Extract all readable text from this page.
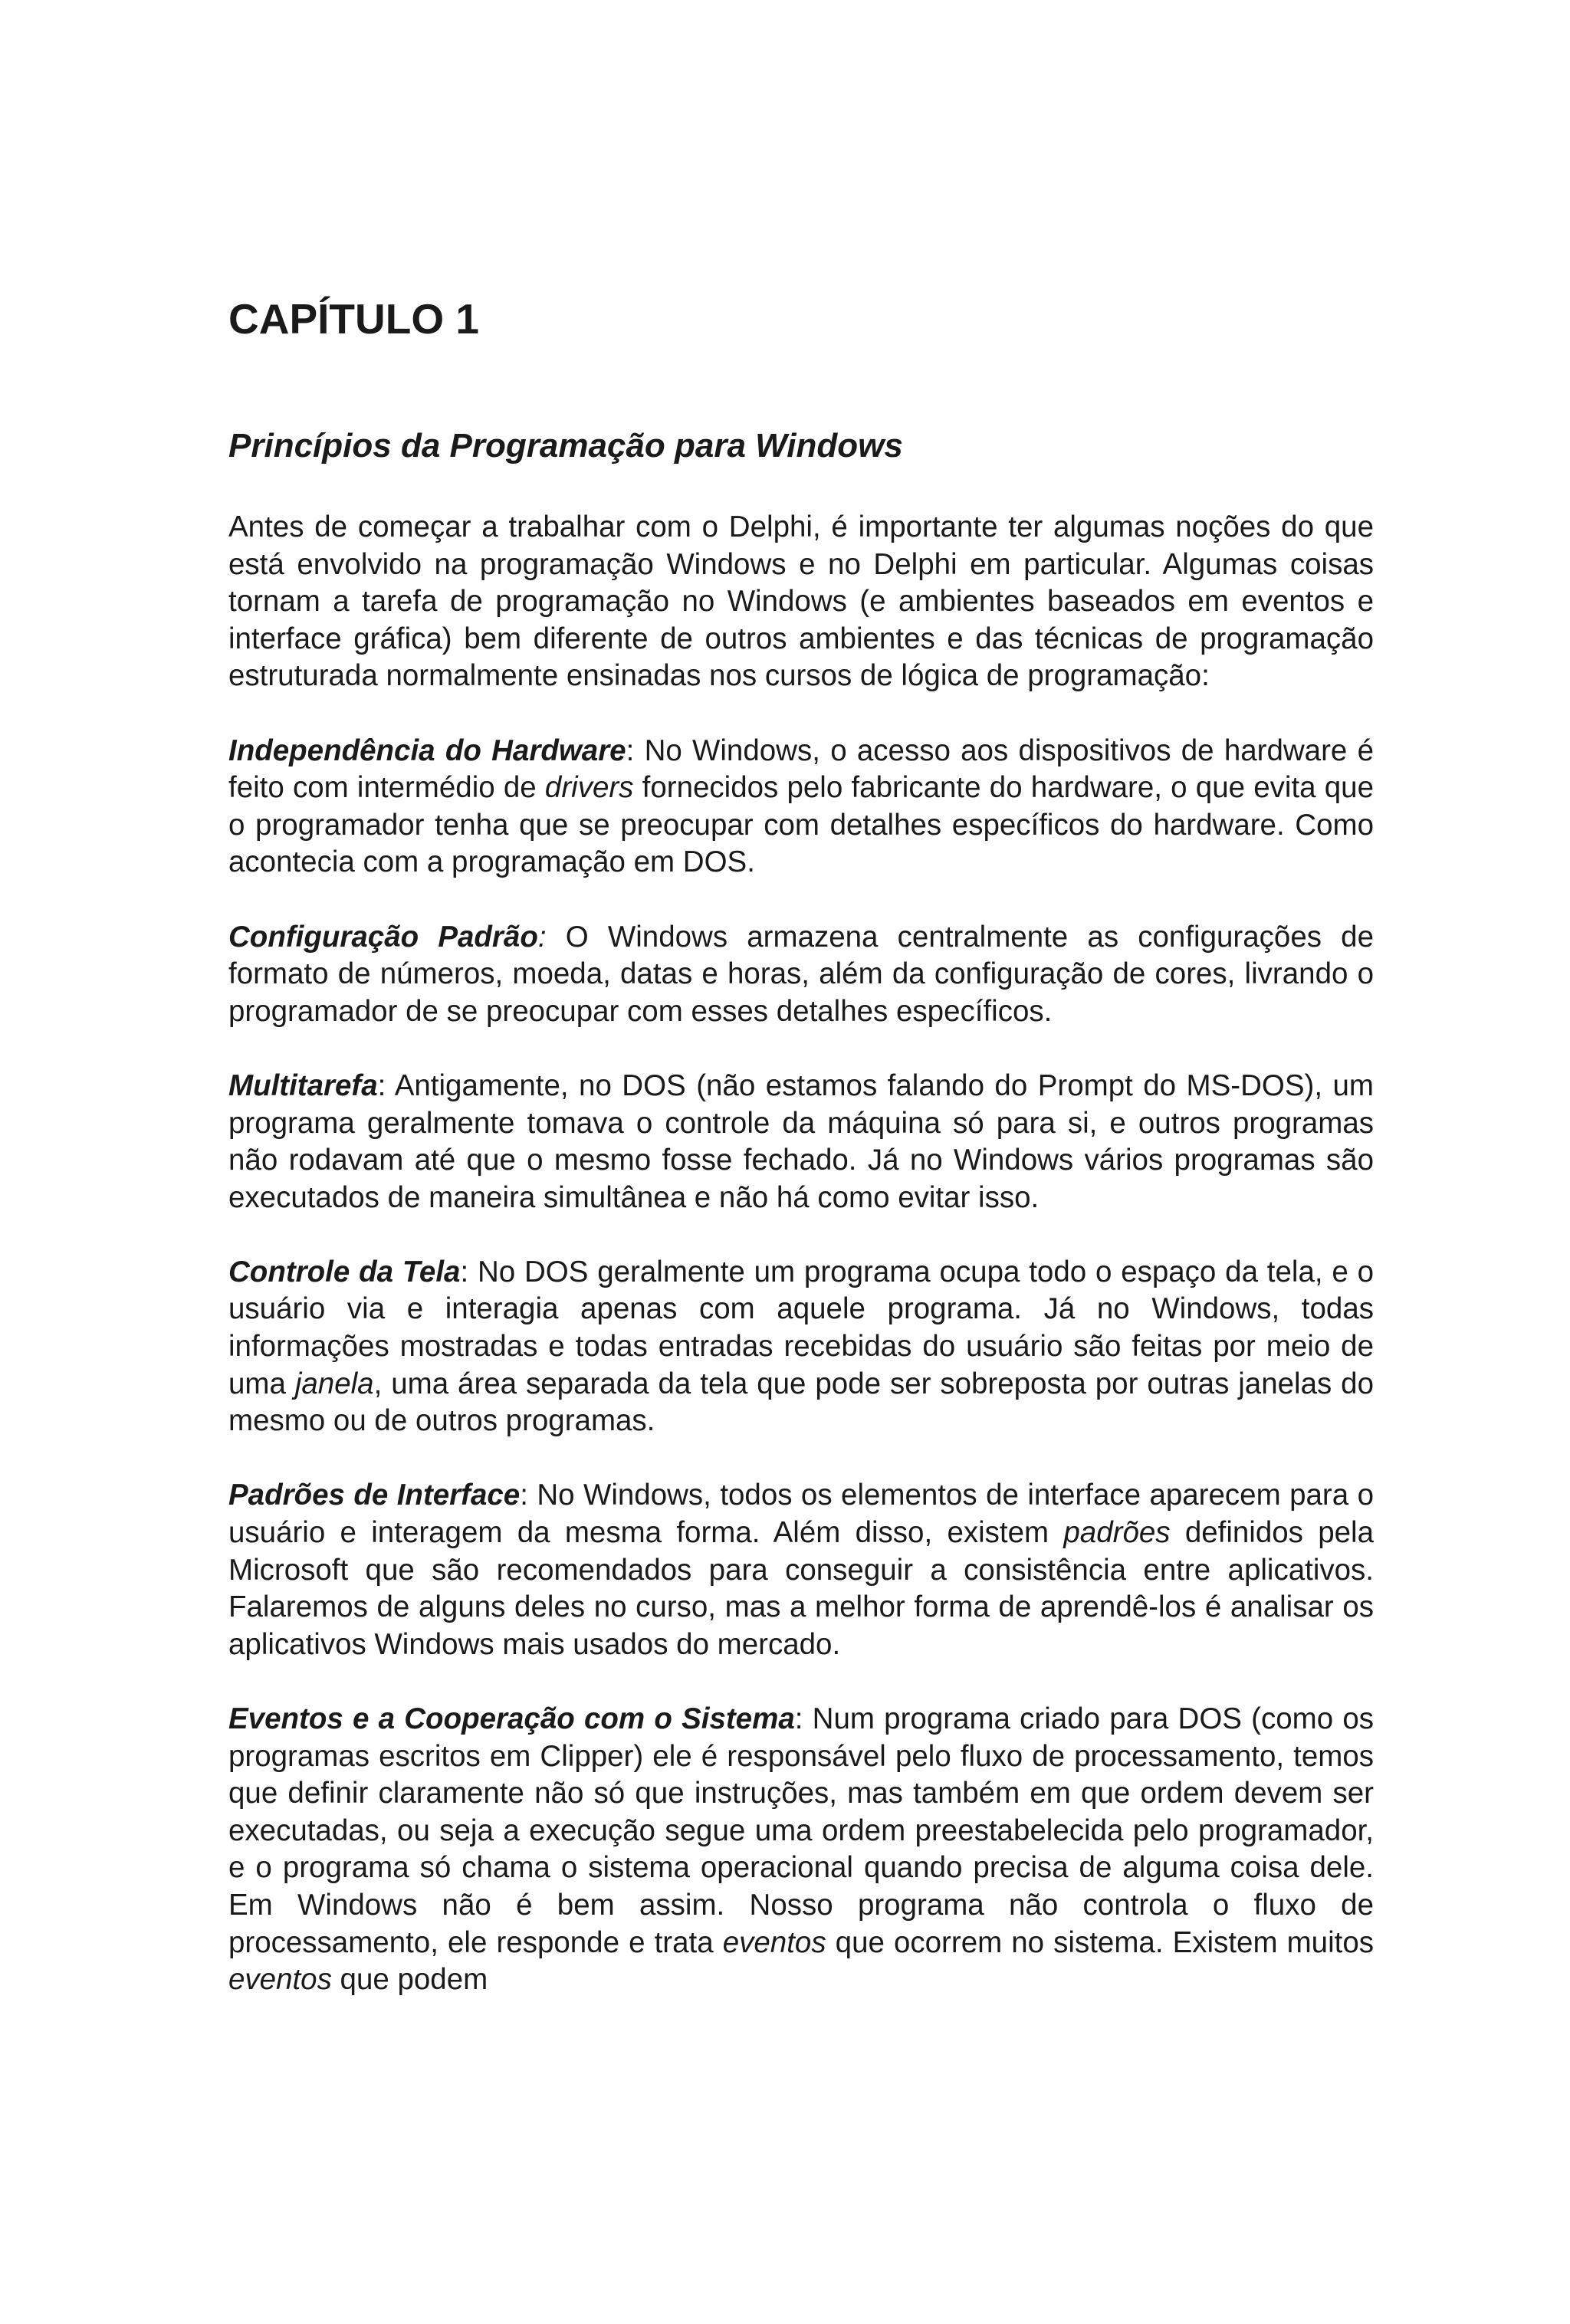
CAPÍTULO 1
Princípios da Programação para Windows

Antes de começar a trabalhar com o Delphi, é importante ter algumas noções do que está envolvido na programação Windows e no Delphi em particular. Algumas coisas tornam a tarefa de programação no Windows (e ambientes baseados em eventos e interface gráfica) bem diferente de outros ambientes e das técnicas de programação estruturada normalmente ensinadas nos cursos de lógica de programação:

Independência do Hardware: No Windows, o acesso aos dispositivos de hardware é feito com intermédio de drivers fornecidos pelo fabricante do hardware, o que evita que o programador tenha que se preocupar com detalhes específicos do hardware. Como acontecia com a programação em DOS.

Configuração Padrão: O Windows armazena centralmente as configurações de formato de números, moeda, datas e horas, além da configuração de cores, livrando o programador de se preocupar com esses detalhes específicos.

Multitarefa: Antigamente, no DOS (não estamos falando do Prompt do MS-DOS), um programa geralmente tomava o controle da máquina só para si, e outros programas não rodavam até que o mesmo fosse fechado. Já no Windows vários programas são executados de maneira simultânea e não há como evitar isso.

Controle da Tela: No DOS geralmente um programa ocupa todo o espaço da tela, e o usuário via e interagia apenas com aquele programa. Já no Windows, todas informações mostradas e todas entradas recebidas do usuário são feitas por meio de uma janela, uma área separada da tela que pode ser sobreposta por outras janelas do mesmo ou de outros programas.

Padrões de Interface: No Windows, todos os elementos de interface aparecem para o usuário e interagem da mesma forma. Além disso, existem padrões definidos pela Microsoft que são recomendados para conseguir a consistência entre aplicativos. Falaremos de alguns deles no curso, mas a melhor forma de aprendê-los é analisar os aplicativos Windows mais usados do mercado.

Eventos e a Cooperação com o Sistema: Num programa criado para DOS (como os programas escritos em Clipper) ele é responsável pelo fluxo de processamento, temos que definir claramente não só que instruções, mas também em que ordem devem ser executadas, ou seja a execução segue uma ordem preestabelecida pelo programador, e o programa só chama o sistema operacional quando precisa de alguma coisa dele. Em Windows não é bem assim. Nosso programa não controla o fluxo de processamento, ele responde e trata eventos que ocorrem no sistema. Existem muitos eventos que podem
